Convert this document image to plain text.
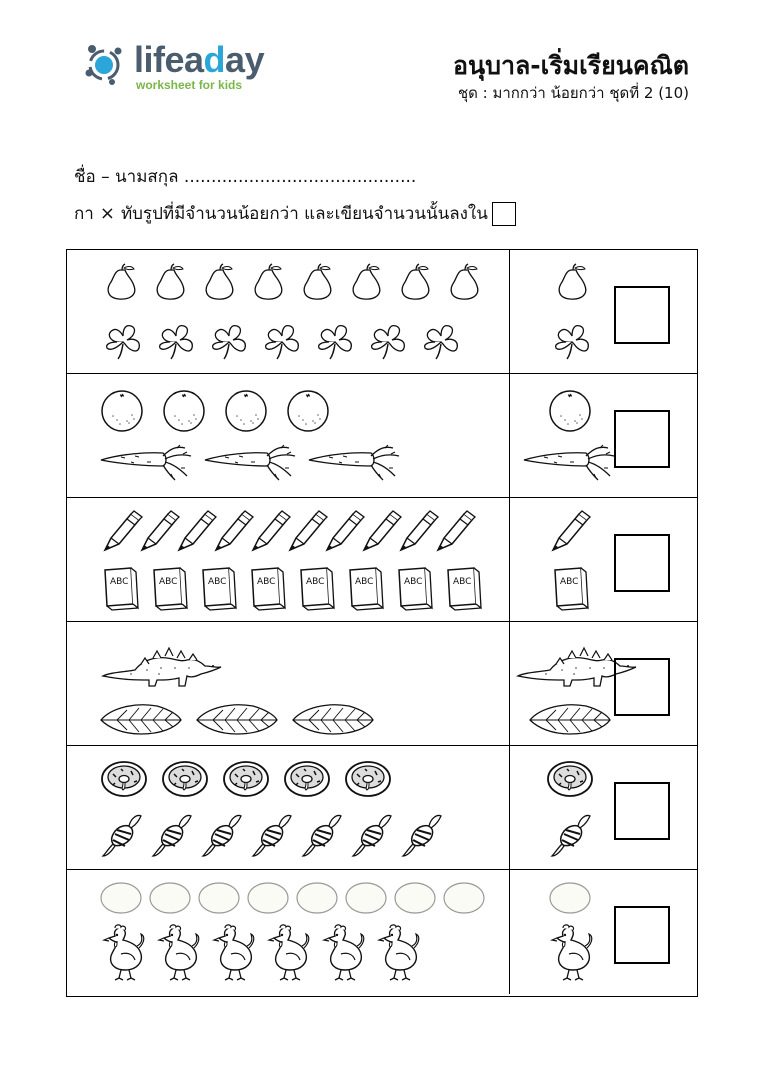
lifeaday
worksheet for kids
อนุบาล-เริ่มเรียนคณิต
ชุด : มากกว่า น้อยกว่า ชุดที่ 2 (10)
ชื่อ – นามสกุล ...........................................
กา × ทับรูปที่มีจำนวนน้อยกว่า และเขียนจำนวนนั้นลงใน
